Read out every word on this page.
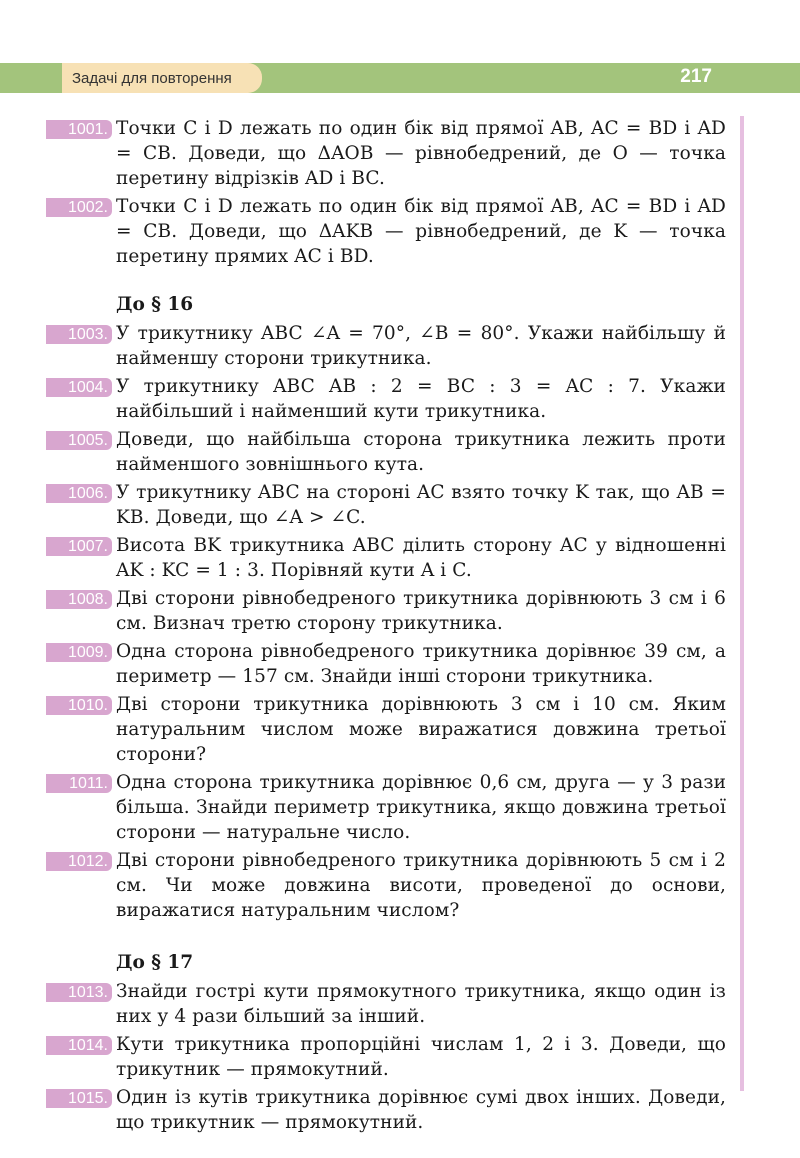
Задачі для повторення	217
1001. Точки C і D лежать по один бік від прямої AB, AC = BD і AD = CB. Доведи, що ΔAOB — рівнобедрений, де O — точка перетину відрізків AD і BC.
1002. Точки C і D лежать по один бік від прямої AB, AC = BD і AD = CB. Доведи, що ΔAKB — рівнобедрений, де K — точка перетину прямих AC і BD.
До § 16
1003. У трикутнику ABC ∠A = 70°, ∠B = 80°. Укажи найбільшу й найменшу сторони трикутника.
1004. У трикутнику ABC AB : 2 = BC : 3 = AC : 7. Укажи найбільший і найменший кути трикутника.
1005. Доведи, що найбільша сторона трикутника лежить проти найменшого зовнішнього кута.
1006. У трикутнику ABC на стороні AC взято точку K так, що AB = KB. Доведи, що ∠A > ∠C.
1007. Висота BK трикутника ABC ділить сторону AC у відношенні AK : KC = 1 : 3. Порівняй кути A і C.
1008. Дві сторони рівнобедреного трикутника дорівнюють 3 см і 6 см. Визнач третю сторону трикутника.
1009. Одна сторона рівнобедреного трикутника дорівнює 39 см, а периметр — 157 см. Знайди інші сторони трикутника.
1010. Дві сторони трикутника дорівнюють 3 см і 10 см. Яким натуральним числом може виражатися довжина третьої сторони?
1011. Одна сторона трикутника дорівнює 0,6 см, друга — у 3 рази більша. Знайди периметр трикутника, якщо довжина третьої сторони — натуральне число.
1012. Дві сторони рівнобедреного трикутника дорівнюють 5 см і 2 см. Чи може довжина висоти, проведеної до основи, виражатися натуральним числом?
До § 17
1013. Знайди гострі кути прямокутного трикутника, якщо один із них у 4 рази більший за інший.
1014. Кути трикутника пропорційні числам 1, 2 і 3. Доведи, що трикутник — прямокутний.
1015. Один із кутів трикутника дорівнює сумі двох інших. Доведи, що трикутник — прямокутний.
